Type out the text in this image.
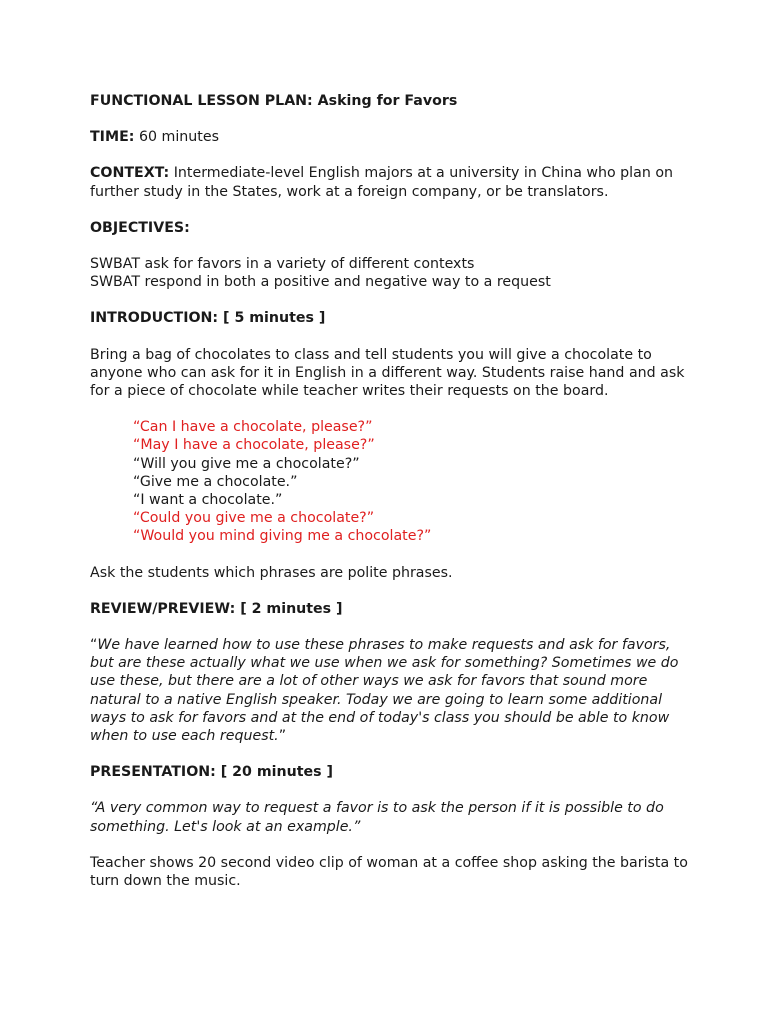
FUNCTIONAL LESSON PLAN: Asking for Favors

TIME: 60 minutes

CONTEXT: Intermediate-level English majors at a university in China who plan on further study in the States, work at a foreign company, or be translators.

OBJECTIVES:

SWBAT ask for favors in a variety of different contexts
SWBAT respond in both a positive and negative way to a request

INTRODUCTION: [ 5 minutes ]

Bring a bag of chocolates to class and tell students you will give a chocolate to anyone who can ask for it in English in a different way. Students raise hand and ask for a piece of chocolate while teacher writes their requests on the board.

“Can I have a chocolate, please?”
“May I have a chocolate, please?”
“Will you give me a chocolate?”
“Give me a chocolate.”
“I want a chocolate.”
“Could you give me a chocolate?”
“Would you mind giving me a chocolate?”

Ask the students which phrases are polite phrases.

REVIEW/PREVIEW: [ 2 minutes ]

“We have learned how to use these phrases to make requests and ask for favors, but are these actually what we use when we ask for something? Sometimes we do use these, but there are a lot of other ways we ask for favors that sound more natural to a native English speaker. Today we are going to learn some additional ways to ask for favors and at the end of today's class you should be able to know when to use each request.”

PRESENTATION: [ 20 minutes ]

“A very common way to request a favor is to ask the person if it is possible to do something. Let's look at an example.”

Teacher shows 20 second video clip of woman at a coffee shop asking the barista to turn down the music.
